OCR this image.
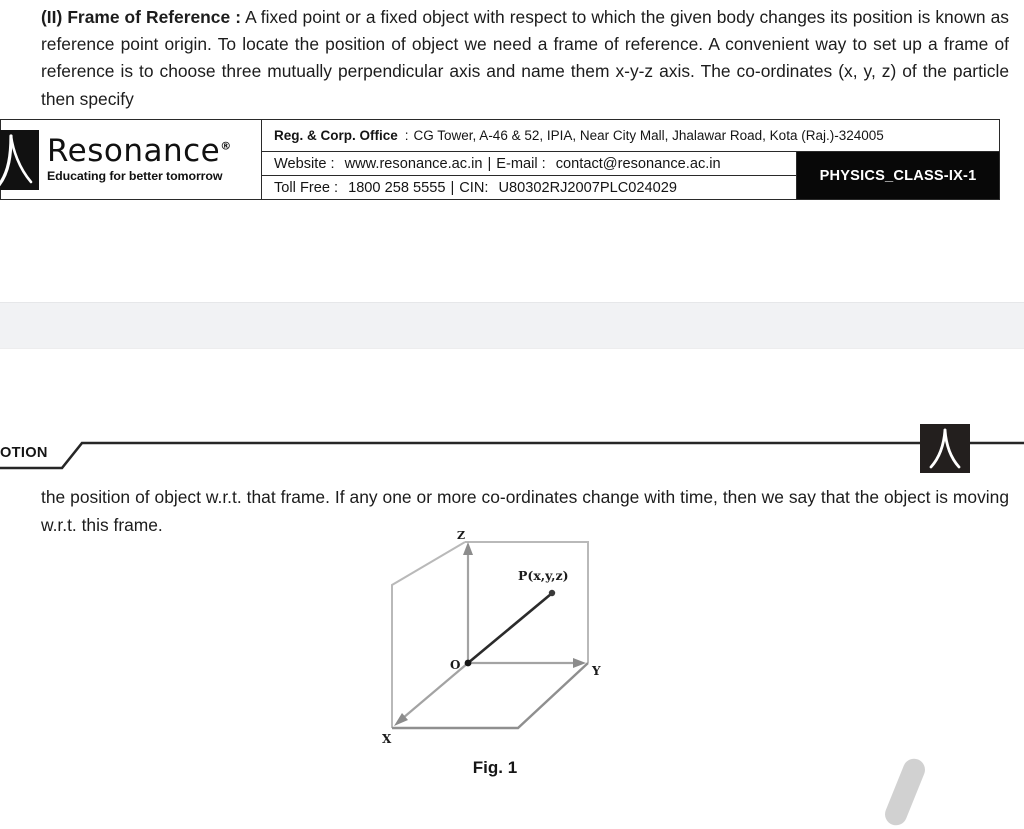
(II) Frame of Reference : A fixed point or a fixed object with respect to which the given body changes its position is known as reference point origin. To locate the position of object we need a frame of reference. A convenient way to set up a frame of reference is to choose three mutually perpendicular axis and name them x-y-z axis. The co-ordinates (x, y, z) of the particle then specify
Resonance®
Educating for better tomorrow
Reg. & Corp. Office : CG Tower, A-46 & 52, IPIA, Near City Mall, Jhalawar Road, Kota (Raj.)-324005
Website : www.resonance.ac.in | E-mail : contact@resonance.ac.in
Toll Free : 1800 258 5555 | CIN: U80302RJ2007PLC024029
PHYSICS_CLASS-IX-1
OTION
the position of object w.r.t. that frame. If any one or more co-ordinates change with time, then we say that the object is moving w.r.t. this frame.
Z
Y
X
O
P(x,y,z)
Fig. 1
